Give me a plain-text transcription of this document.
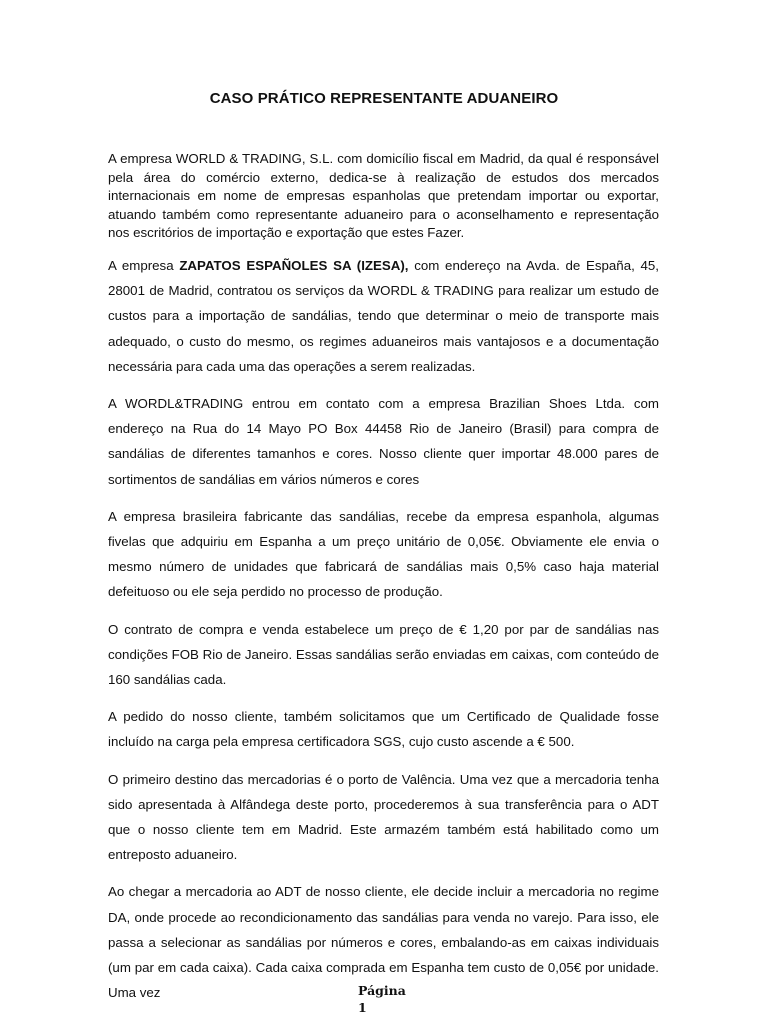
CASO PRÁTICO REPRESENTANTE ADUANEIRO

A empresa WORLD & TRADING, S.L. com domicílio fiscal em Madrid, da qual é responsável pela área do comércio externo, dedica-se à realização de estudos dos mercados internacionais em nome de empresas espanholas que pretendam importar ou exportar, atuando também como representante aduaneiro para o aconselhamento e representação nos escritórios de importação e exportação que estes Fazer.

A empresa ZAPATOS ESPAÑOLES SA (IZESA), com endereço na Avda. de España, 45, 28001 de Madrid, contratou os serviços da WORDL & TRADING para realizar um estudo de custos para a importação de sandálias, tendo que determinar o meio de transporte mais adequado, o custo do mesmo, os regimes aduaneiros mais vantajosos e a documentação necessária para cada uma das operações a serem realizadas.

A WORDL&TRADING entrou em contato com a empresa Brazilian Shoes Ltda. com endereço na Rua do 14 Mayo PO Box 44458 Rio de Janeiro (Brasil) para compra de sandálias de diferentes tamanhos e cores. Nosso cliente quer importar 48.000 pares de sortimentos de sandálias em vários números e cores

A empresa brasileira fabricante das sandálias, recebe da empresa espanhola, algumas fivelas que adquiriu em Espanha a um preço unitário de 0,05€. Obviamente ele envia o mesmo número de unidades que fabricará de sandálias mais 0,5% caso haja material defeituoso ou ele seja perdido no processo de produção.

O contrato de compra e venda estabelece um preço de € 1,20 por par de sandálias nas condições FOB Rio de Janeiro. Essas sandálias serão enviadas em caixas, com conteúdo de 160 sandálias cada.

A pedido do nosso cliente, também solicitamos que um Certificado de Qualidade fosse incluído na carga pela empresa certificadora SGS, cujo custo ascende a € 500.

O primeiro destino das mercadorias é o porto de Valência. Uma vez que a mercadoria tenha sido apresentada à Alfândega deste porto, procederemos à sua transferência para o ADT que o nosso cliente tem em Madrid. Este armazém também está habilitado como um entreposto aduaneiro.

Ao chegar a mercadoria ao ADT de nosso cliente, ele decide incluir a mercadoria no regime DA, onde procede ao recondicionamento das sandálias para venda no varejo. Para isso, ele passa a selecionar as sandálias por números e cores, embalando-as em caixas individuais (um par em cada caixa). Cada caixa comprada em Espanha tem custo de 0,05€ por unidade. Uma vez	Página
1
